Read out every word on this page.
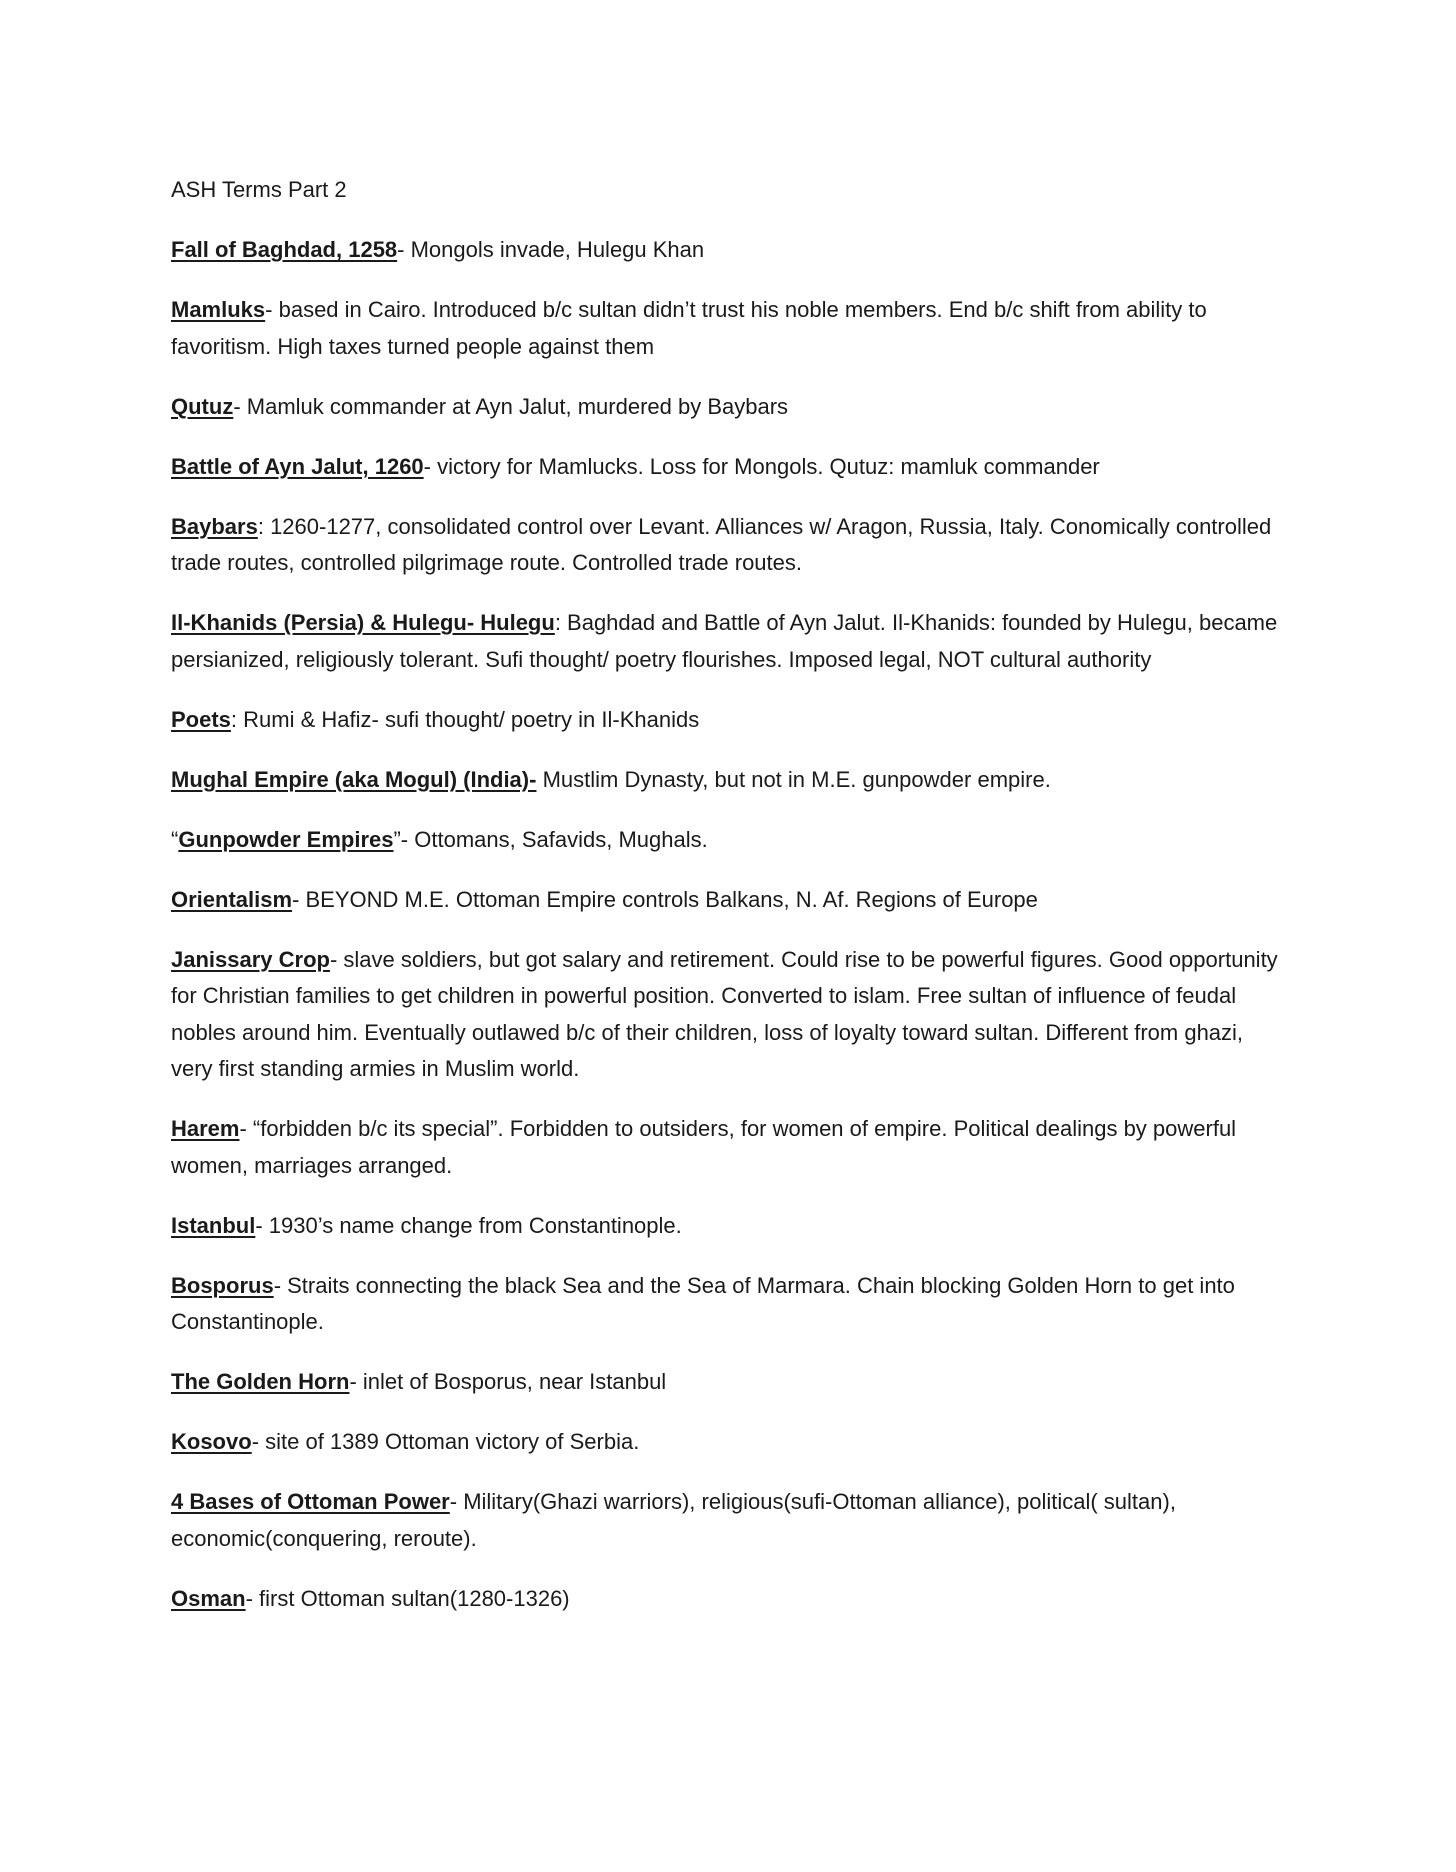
ASH Terms Part 2

Fall of Baghdad, 1258- Mongols invade, Hulegu Khan

Mamluks- based in Cairo. Introduced b/c sultan didn’t trust his noble members. End b/c shift from ability to favoritism. High taxes turned people against them

Qutuz- Mamluk commander at Ayn Jalut, murdered by Baybars

Battle of Ayn Jalut, 1260- victory for Mamlucks. Loss for Mongols. Qutuz: mamluk commander

Baybars: 1260-1277, consolidated control over Levant. Alliances w/ Aragon, Russia, Italy. Conomically controlled trade routes, controlled pilgrimage route. Controlled trade routes.

Il-Khanids (Persia) & Hulegu- Hulegu: Baghdad and Battle of Ayn Jalut. Il-Khanids: founded by Hulegu, became persianized, religiously tolerant. Sufi thought/ poetry flourishes. Imposed legal, NOT cultural authority

Poets: Rumi & Hafiz- sufi thought/ poetry in Il-Khanids

Mughal Empire (aka Mogul) (India)- Mustlim Dynasty, but not in M.E. gunpowder empire.

“Gunpowder Empires”- Ottomans, Safavids, Mughals.

Orientalism- BEYOND M.E. Ottoman Empire controls Balkans, N. Af. Regions of Europe

Janissary Crop- slave soldiers, but got salary and retirement. Could rise to be powerful figures. Good opportunity for Christian families to get children in powerful position. Converted to islam. Free sultan of influence of feudal nobles around him. Eventually outlawed b/c of their children, loss of loyalty toward sultan. Different from ghazi, very first standing armies in Muslim world.

Harem- “forbidden b/c its special”. Forbidden to outsiders, for women of empire. Political dealings by powerful women, marriages arranged.

Istanbul- 1930’s name change from Constantinople.

Bosporus- Straits connecting the black Sea and the Sea of Marmara. Chain blocking Golden Horn to get into Constantinople.

The Golden Horn- inlet of Bosporus, near Istanbul

Kosovo- site of 1389 Ottoman victory of Serbia.

4 Bases of Ottoman Power- Military(Ghazi warriors), religious(sufi-Ottoman alliance), political( sultan), economic(conquering, reroute).

Osman- first Ottoman sultan(1280-1326)
